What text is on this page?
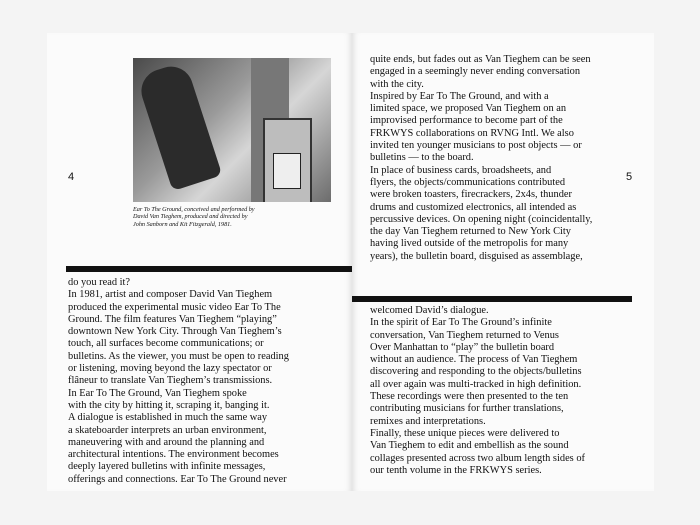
Ear To The Ground, conceived and performed by
David Van Tieghem, produced and directed by
John Sanborn and Kit Fitzgerald, 1981.
4
do you read it?
In 1981, artist and composer David Van Tieghem
produced the experimental music video Ear To The
Ground. The film features Van Tieghem “playing”
downtown New York City. Through Van Tieghem’s
touch, all surfaces become communications; or
bulletins. As the viewer, you must be open to reading
or listening, moving beyond the lazy spectator or
flâneur to translate Van Tieghem’s transmissions.
In Ear To The Ground, Van Tieghem spoke
with the city by hitting it, scraping it, banging it.
A dialogue is established in much the same way
a skateboarder interprets an urban environment,
maneuvering with and around the planning and
architectural intentions. The environment becomes
deeply layered bulletins with infinite messages,
offerings and connections. Ear To The Ground never
quite ends, but fades out as Van Tieghem can be seen
engaged in a seemingly never ending conversation
with the city.
Inspired by Ear To The Ground, and with a
limited space, we proposed Van Tieghem on an
improvised performance to become part of the
FRKWYS collaborations on RVNG Intl. We also
invited ten younger musicians to post objects — or
bulletins — to the board.
In place of business cards, broadsheets, and
flyers, the objects/communications contributed
were broken toasters, firecrackers, 2x4s, thunder
drums and customized electronics, all intended as
percussive devices. On opening night (coincidentally,
the day Van Tieghem returned to New York City
having lived outside of the metropolis for many
years), the bulletin board, disguised as assemblage,
5
welcomed David’s dialogue.
In the spirit of Ear To The Ground’s infinite
conversation, Van Tieghem returned to Venus
Over Manhattan to “play” the bulletin board
without an audience. The process of Van Tieghem
discovering and responding to the objects/bulletins
all over again was multi-tracked in high definition.
These recordings were then presented to the ten
contributing musicians for further translations,
remixes and interpretations.
Finally, these unique pieces were delivered to
Van Tieghem to edit and embellish as the sound
collages presented across two album length sides of
our tenth volume in the FRKWYS series.
